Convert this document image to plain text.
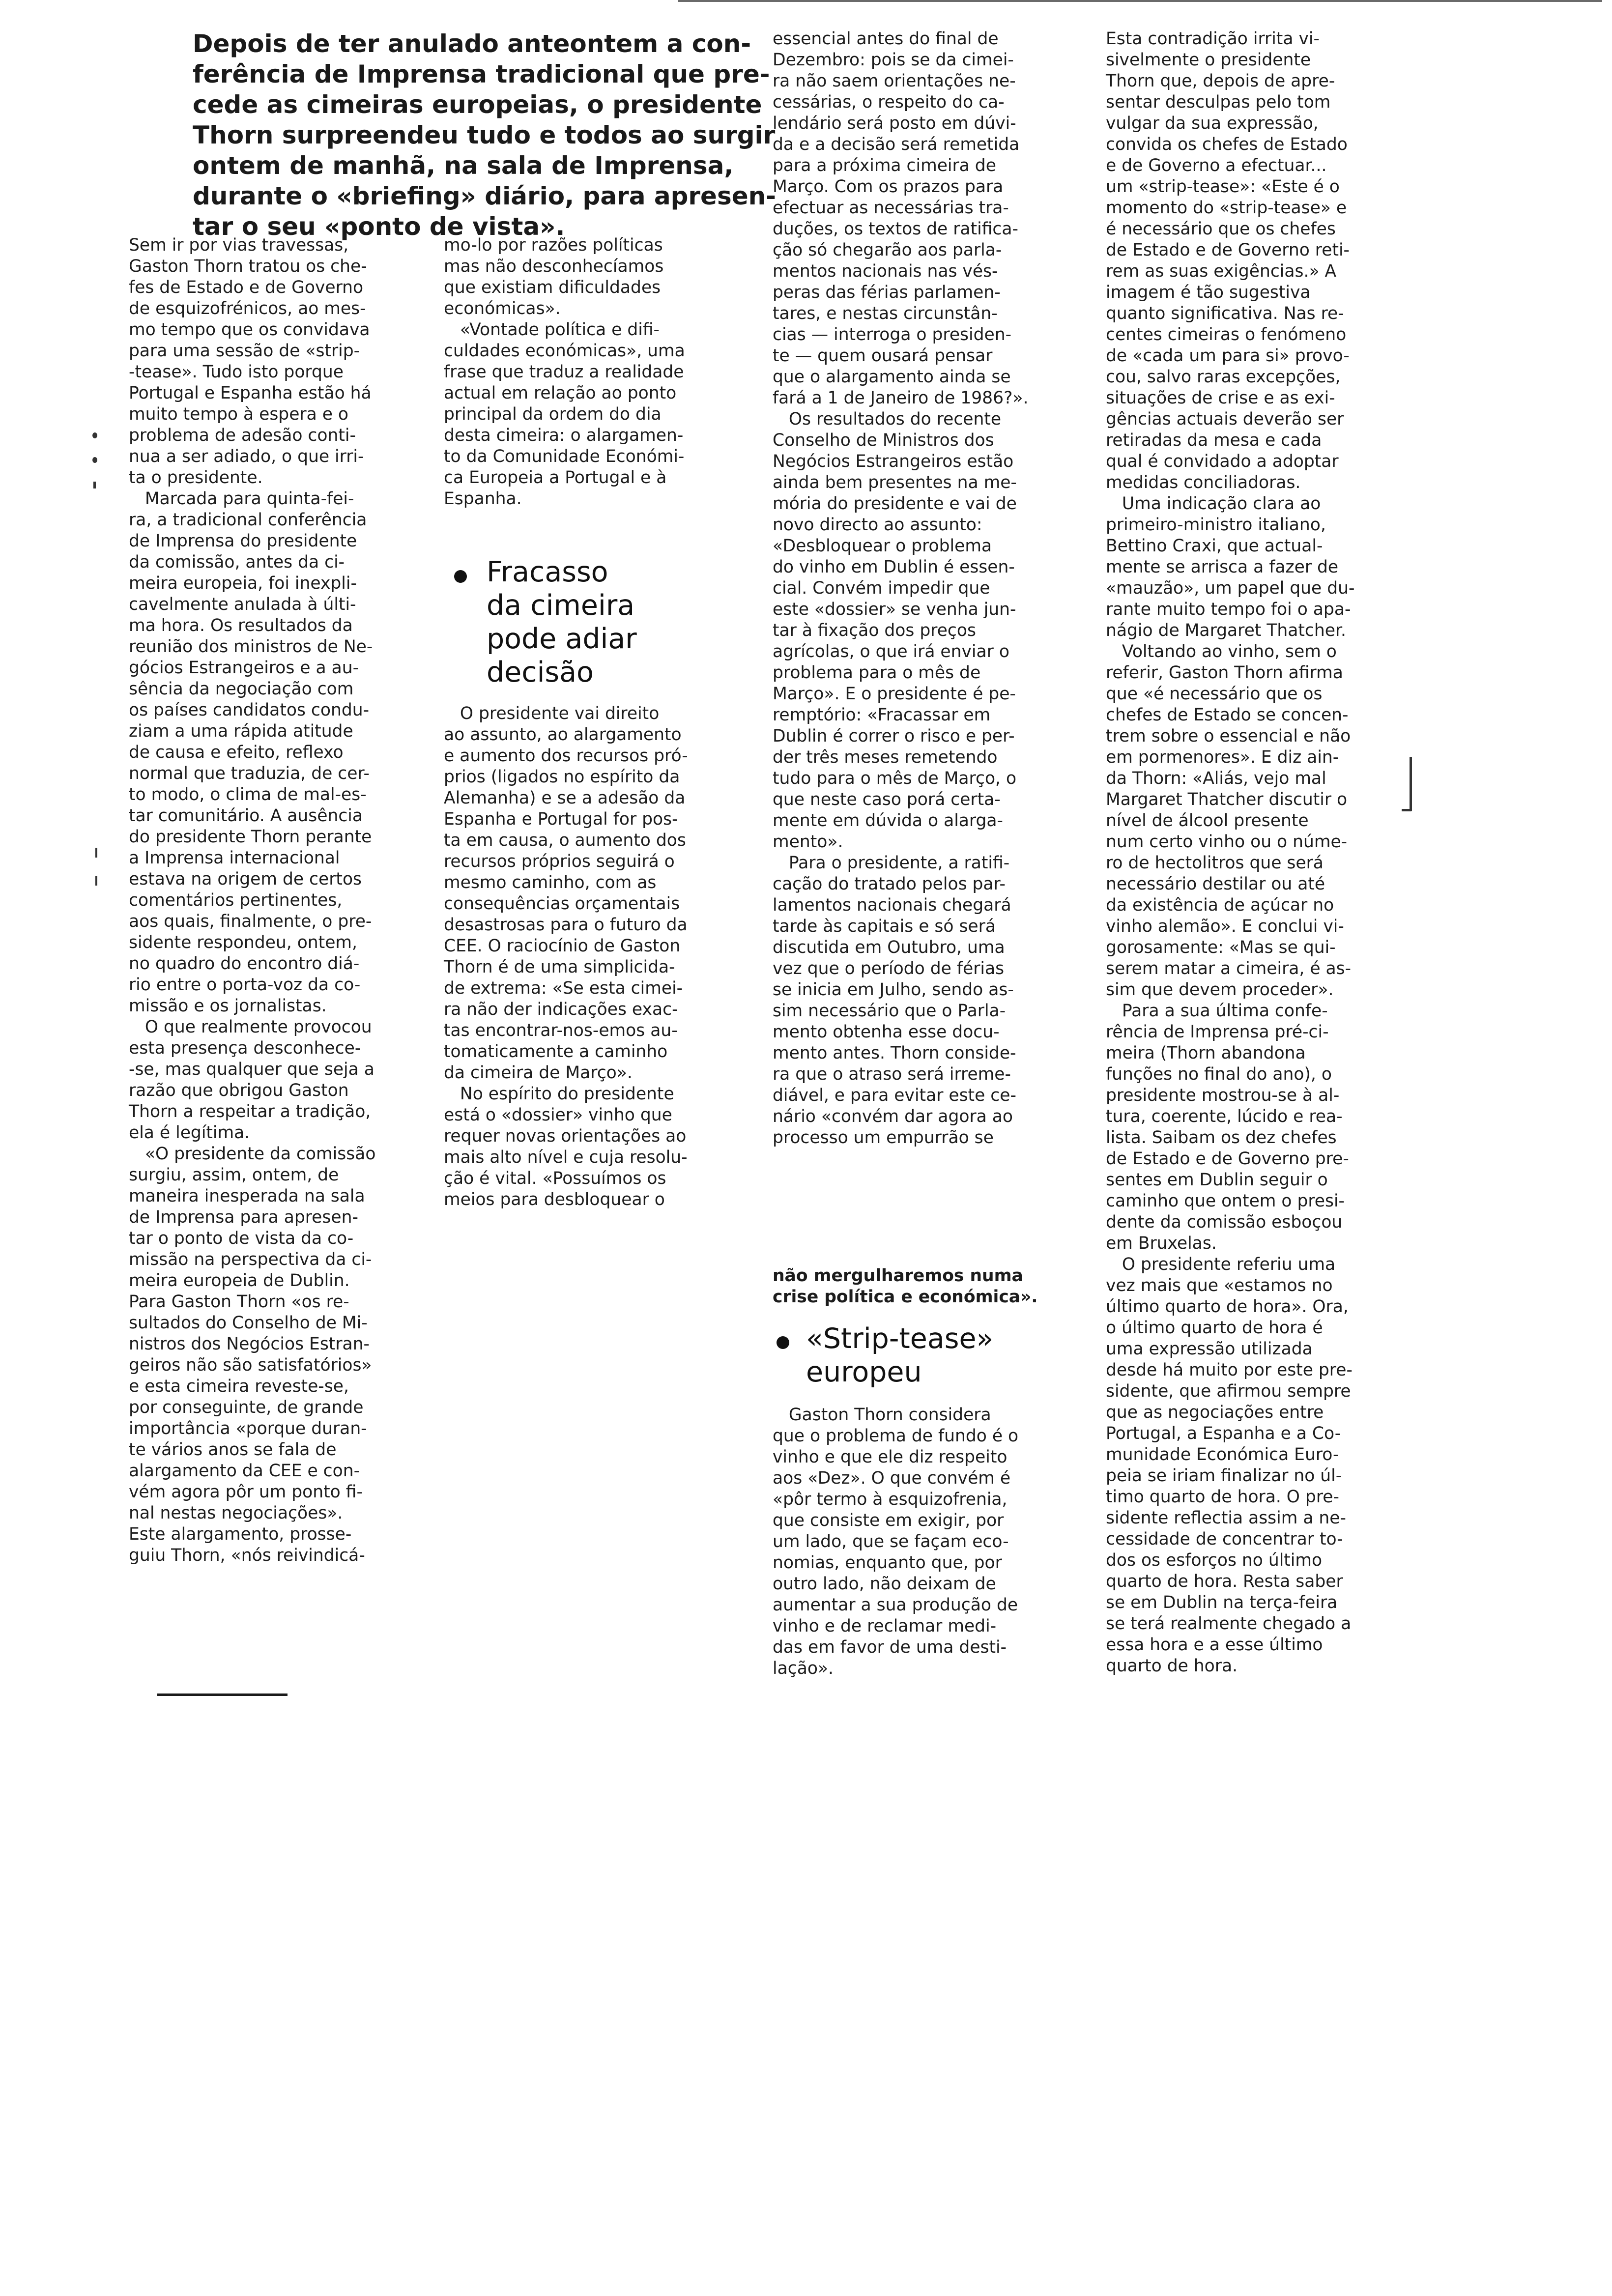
Depois de ter anulado anteontem a con-
ferência de Imprensa tradicional que pre-
cede as cimeiras europeias, o presidente
Thorn surpreendeu tudo e todos ao surgir
ontem de manhã, na sala de Imprensa,
durante o «briefing» diário, para apresen-
tar o seu «ponto de vista».
Sem ir por vias travessas,
Gaston Thorn tratou os che-
fes de Estado e de Governo
de esquizofrénicos, ao mes-
mo tempo que os convidava
para uma sessão de «strip-
-tease». Tudo isto porque
Portugal e Espanha estão há
muito tempo à espera e o
problema de adesão conti-
nua a ser adiado, o que irri-
ta o presidente.
Marcada para quinta-fei-
ra, a tradicional conferência
de Imprensa do presidente
da comissão, antes da ci-
meira europeia, foi inexpli-
cavelmente anulada à últi-
ma hora. Os resultados da
reunião dos ministros de Ne-
gócios Estrangeiros e a au-
sência da negociação com
os países candidatos condu-
ziam a uma rápida atitude
de causa e efeito, reflexo
normal que traduzia, de cer-
to modo, o clima de mal-es-
tar comunitário. A ausência
do presidente Thorn perante
a Imprensa internacional
estava na origem de certos
comentários pertinentes,
aos quais, finalmente, o pre-
sidente respondeu, ontem,
no quadro do encontro diá-
rio entre o porta-voz da co-
missão e os jornalistas.
O que realmente provocou
esta presença desconhece-
-se, mas qualquer que seja a
razão que obrigou Gaston
Thorn a respeitar a tradição,
ela é legítima.
«O presidente da comissão
surgiu, assim, ontem, de
maneira inesperada na sala
de Imprensa para apresen-
tar o ponto de vista da co-
missão na perspectiva da ci-
meira europeia de Dublin.
Para Gaston Thorn «os re-
sultados do Conselho de Mi-
nistros dos Negócios Estran-
geiros não são satisfatórios»
e esta cimeira reveste-se,
por conseguinte, de grande
importância «porque duran-
te vários anos se fala de
alargamento da CEE e con-
vém agora pôr um ponto fi-
nal nestas negociações».
Este alargamento, prosse-
guiu Thorn, «nós reivindicá-
mo-lo por razões políticas
mas não desconhecíamos
que existiam dificuldades
económicas».
«Vontade política e difi-
culdades económicas», uma
frase que traduz a realidade
actual em relação ao ponto
principal da ordem do dia
desta cimeira: o alargamen-
to da Comunidade Económi-
ca Europeia a Portugal e à
Espanha.
Fracasso
da cimeira
pode adiar
decisão
O presidente vai direito
ao assunto, ao alargamento
e aumento dos recursos pró-
prios (ligados no espírito da
Alemanha) e se a adesão da
Espanha e Portugal for pos-
ta em causa, o aumento dos
recursos próprios seguirá o
mesmo caminho, com as
consequências orçamentais
desastrosas para o futuro da
CEE. O raciocínio de Gaston
Thorn é de uma simplicida-
de extrema: «Se esta cimei-
ra não der indicações exac-
tas encontrar-nos-emos au-
tomaticamente a caminho
da cimeira de Março».
No espírito do presidente
está o «dossier» vinho que
requer novas orientações ao
mais alto nível e cuja resolu-
ção é vital. «Possuímos os
meios para desbloquear o
essencial antes do final de
Dezembro: pois se da cimei-
ra não saem orientações ne-
cessárias, o respeito do ca-
lendário será posto em dúvi-
da e a decisão será remetida
para a próxima cimeira de
Março. Com os prazos para
efectuar as necessárias tra-
duções, os textos de ratifica-
ção só chegarão aos parla-
mentos nacionais nas vés-
peras das férias parlamen-
tares, e nestas circunstân-
cias — interroga o presiden-
te — quem ousará pensar
que o alargamento ainda se
fará a 1 de Janeiro de 1986?».
Os resultados do recente
Conselho de Ministros dos
Negócios Estrangeiros estão
ainda bem presentes na me-
mória do presidente e vai de
novo directo ao assunto:
«Desbloquear o problema
do vinho em Dublin é essen-
cial. Convém impedir que
este «dossier» se venha jun-
tar à fixação dos preços
agrícolas, o que irá enviar o
problema para o mês de
Março». E o presidente é pe-
remptório: «Fracassar em
Dublin é correr o risco e per-
der três meses remetendo
tudo para o mês de Março, o
que neste caso porá certa-
mente em dúvida o alarga-
mento».
Para o presidente, a ratifi-
cação do tratado pelos par-
lamentos nacionais chegará
tarde às capitais e só será
discutida em Outubro, uma
vez que o período de férias
se inicia em Julho, sendo as-
sim necessário que o Parla-
mento obtenha esse docu-
mento antes. Thorn conside-
ra que o atraso será irreme-
diável, e para evitar este ce-
nário «convém dar agora ao
processo um empurrão se
não mergulharemos numa
crise política e económica».
«Strip-tease»
europeu
Gaston Thorn considera
que o problema de fundo é o
vinho e que ele diz respeito
aos «Dez». O que convém é
«pôr termo à esquizofrenia,
que consiste em exigir, por
um lado, que se façam eco-
nomias, enquanto que, por
outro lado, não deixam de
aumentar a sua produção de
vinho e de reclamar medi-
das em favor de uma desti-
lação».
Esta contradição irrita vi-
sivelmente o presidente
Thorn que, depois de apre-
sentar desculpas pelo tom
vulgar da sua expressão,
convida os chefes de Estado
e de Governo a efectuar...
um «strip-tease»: «Este é o
momento do «strip-tease» e
é necessário que os chefes
de Estado e de Governo reti-
rem as suas exigências.» A
imagem é tão sugestiva
quanto significativa. Nas re-
centes cimeiras o fenómeno
de «cada um para si» provo-
cou, salvo raras excepções,
situações de crise e as exi-
gências actuais deverão ser
retiradas da mesa e cada
qual é convidado a adoptar
medidas conciliadoras.
Uma indicação clara ao
primeiro-ministro italiano,
Bettino Craxi, que actual-
mente se arrisca a fazer de
«mauzão», um papel que du-
rante muito tempo foi o apa-
nágio de Margaret Thatcher.
Voltando ao vinho, sem o
referir, Gaston Thorn afirma
que «é necessário que os
chefes de Estado se concen-
trem sobre o essencial e não
em pormenores». E diz ain-
da Thorn: «Aliás, vejo mal
Margaret Thatcher discutir o
nível de álcool presente
num certo vinho ou o núme-
ro de hectolitros que será
necessário destilar ou até
da existência de açúcar no
vinho alemão». E conclui vi-
gorosamente: «Mas se qui-
serem matar a cimeira, é as-
sim que devem proceder».
Para a sua última confe-
rência de Imprensa pré-ci-
meira (Thorn abandona
funções no final do ano), o
presidente mostrou-se à al-
tura, coerente, lúcido e rea-
lista. Saibam os dez chefes
de Estado e de Governo pre-
sentes em Dublin seguir o
caminho que ontem o presi-
dente da comissão esboçou
em Bruxelas.
O presidente referiu uma
vez mais que «estamos no
último quarto de hora». Ora,
o último quarto de hora é
uma expressão utilizada
desde há muito por este pre-
sidente, que afirmou sempre
que as negociações entre
Portugal, a Espanha e a Co-
munidade Económica Euro-
peia se iriam finalizar no úl-
timo quarto de hora. O pre-
sidente reflectia assim a ne-
cessidade de concentrar to-
dos os esforços no último
quarto de hora. Resta saber
se em Dublin na terça-feira
se terá realmente chegado a
essa hora e a esse último
quarto de hora.
